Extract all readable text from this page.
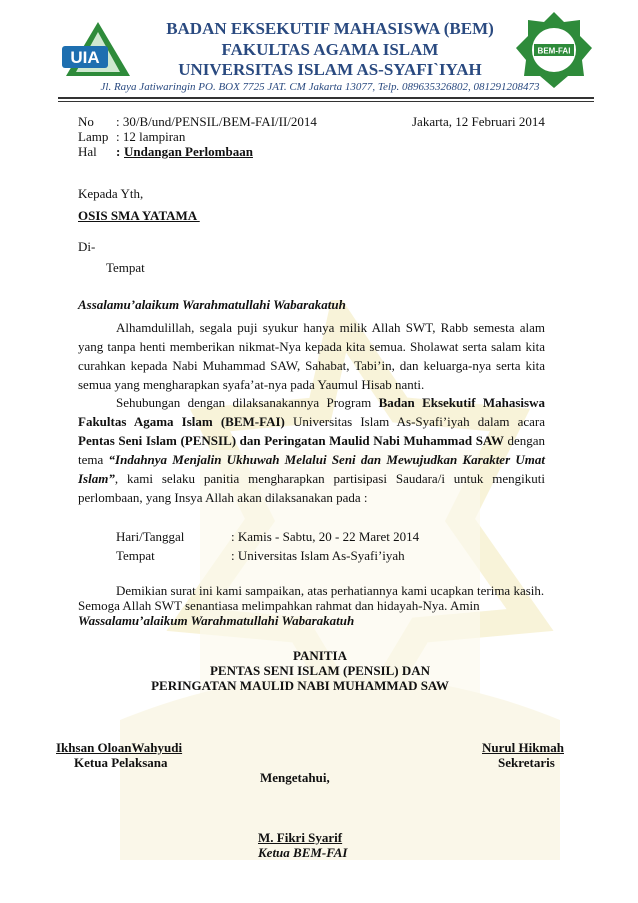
UIA	BEM-FAI
BADAN EKSEKUTIF MAHASISWA (BEM)
FAKULTAS AGAMA ISLAM
UNIVERSITAS ISLAM AS-SYAFI`IYAH
Jl. Raya Jatiwaringin PO. BOX 7725 JAT. CM Jakarta 13077, Telp. 089635326802, 081291208473
No : 30/B/und/PENSIL/BEM-FAI/II/2014	Jakarta, 12 Februari 2014
Lamp : 12 lampiran
Hal : Undangan Perlombaan
Kepada Yth,
OSIS SMA YATAMA
Di-
Tempat
Assalamu’alaikum Warahmatullahi Wabarakatuh
Alhamdulillah, segala puji syukur hanya milik Allah SWT, Rabb semesta alam yang tanpa henti memberikan nikmat-Nya kepada kita semua. Sholawat serta salam kita curahkan kepada Nabi Muhammad SAW, Sahabat, Tabi’in, dan keluarga-nya serta kita semua yang mengharapkan syafa’at-nya pada Yaumul Hisab nanti.
Sehubungan dengan dilaksanakannya Program Badan Eksekutif Mahasiswa Fakultas Agama Islam (BEM-FAI) Universitas Islam As-Syafi’iyah dalam acara Pentas Seni Islam (PENSIL) dan Peringatan Maulid Nabi Muhammad SAW dengan tema “Indahnya Menjalin Ukhuwah Melalui Seni dan Mewujudkan Karakter Umat Islam”, kami selaku panitia mengharapkan partisipasi Saudara/i untuk mengikuti perlombaan, yang Insya Allah akan dilaksanakan pada :
Hari/Tanggal	: Kamis - Sabtu, 20 - 22 Maret 2014
Tempat	: Universitas Islam As-Syafi’iyah
Demikian surat ini kami sampaikan, atas perhatiannya kami ucapkan terima kasih.
Semoga Allah SWT senantiasa melimpahkan rahmat dan hidayah-Nya. Amin
Wassalamu’alaikum Warahmatullahi Wabarakatuh
PANITIA
PENTAS SENI ISLAM (PENSIL) DAN
PERINGATAN MAULID NABI MUHAMMAD SAW
Ikhsan OloanWahyudi
Ketua Pelaksana
Nurul Hikmah
Sekretaris
Mengetahui,
M. Fikri Syarif
Ketua BEM-FAI
